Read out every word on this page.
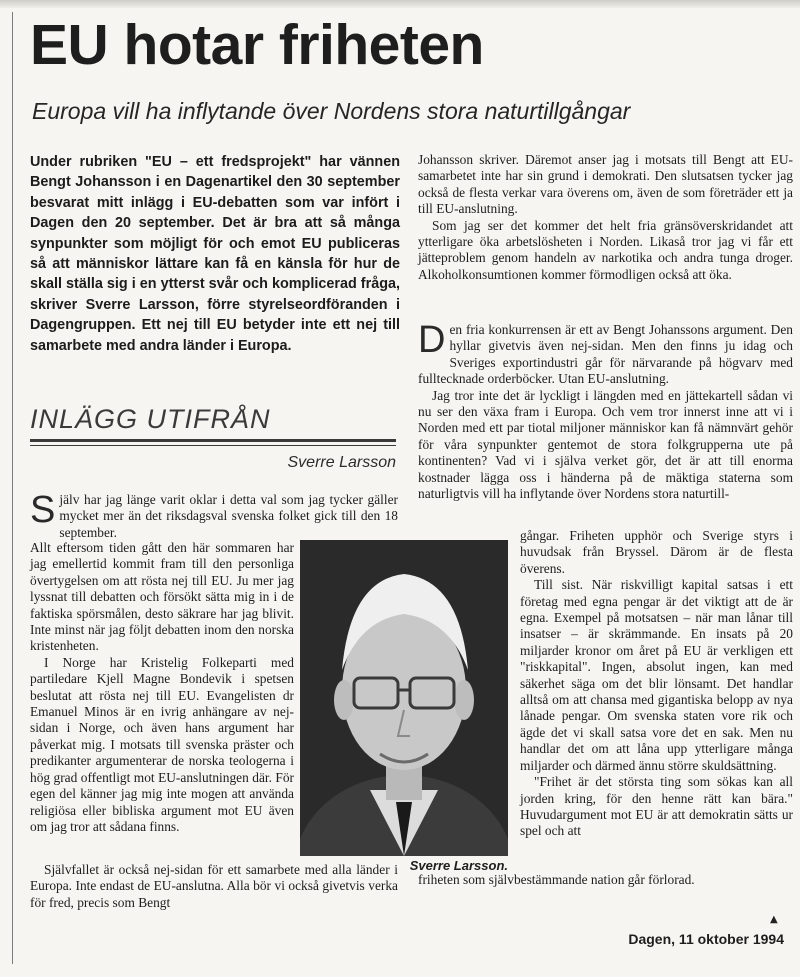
EU hotar friheten
Europa vill ha inflytande över Nordens stora naturtillgångar
Under rubriken "EU – ett fredsprojekt" har vännen Bengt Johansson i en Dagenartikel den 30 september besvarat mitt inlägg i EU-debatten som var infört i Dagen den 20 september. Det är bra att så många synpunkter som möjligt för och emot EU publiceras så att människor lättare kan få en känsla för hur de skall ställa sig i en ytterst svår och komplicerad fråga, skriver Sverre Larsson, förre styrelseordföranden i Dagengruppen. Ett nej till EU betyder inte ett nej till samarbete med andra länder i Europa.
INLÄGG UTIFRÅN
Sverre Larsson

Själv har jag länge varit oklar i detta val som jag tycker gäller mycket mer än det riksdagsval svenska folket gick till den 18 september.

Allt eftersom tiden gått den här sommaren har jag emellertid kommit fram till den personliga övertygelsen om att rösta nej till EU. Ju mer jag lyssnat till debatten och försökt sätta mig in i de faktiska spörsmålen, desto säkrare har jag blivit. Inte minst när jag följt debatten inom den norska kristenheten.

I Norge har Kristelig Folkeparti med partiledare Kjell Magne Bondevik i spetsen beslutat att rösta nej till EU. Evangelisten dr Emanuel Minos är en ivrig anhängare av nej-sidan i Norge, och även hans argument har påverkat mig. I motsats till svenska präster och predikanter argumenterar de norska teologerna i hög grad offentligt mot EU-anslutningen där. För egen del känner jag mig inte mogen att använda religiösa eller bibliska argument mot EU även om jag tror att sådana finns.

Självfallet är också nej-sidan för ett samarbete med alla länder i Europa. Inte endast de EU-anslutna. Alla bör vi också givetvis verka för fred, precis som Bengt

Sverre Larsson.

Johansson skriver. Däremot anser jag i motsats till Bengt att EU-samarbetet inte har sin grund i demokrati. Den slutsatsen tycker jag också de flesta verkar vara överens om, även de som företräder ett ja till EU-anslutning.

Som jag ser det kommer det helt fria gränsöverskridandet att ytterligare öka arbetslösheten i Norden. Likaså tror jag vi får ett jätteproblem genom handeln av narkotika och andra tunga droger. Alkoholkonsumtionen kommer förmodligen också att öka.

Den fria konkurrensen är ett av Bengt Johanssons argument. Den hyllar givetvis även nej-sidan. Men den finns ju idag och Sveriges exportindustri går för närvarande på högvarv med fulltecknade orderböcker. Utan EU-anslutning.

Jag tror inte det är lyckligt i längden med en jättekartell sådan vi nu ser den växa fram i Europa. Och vem tror innerst inne att vi i Norden med ett par tiotal miljoner människor kan få nämnvärt gehör för våra synpunkter gentemot de stora folkgrupperna ute på kontinenten? Vad vi i själva verket gör, det är att till enorma kostnader lägga oss i händerna på de mäktiga staterna som naturligtvis vill ha inflytande över Nordens stora naturtill-

gångar. Friheten upphör och Sverige styrs i huvudsak från Bryssel. Därom är de flesta överens.

Till sist. När riskvilligt kapital satsas i ett företag med egna pengar är det viktigt att de är egna. Exempel på motsatsen – när man lånar till insatser – är skrämmande. En insats på 20 miljarder kronor om året på EU är verkligen ett "riskkapital". Ingen, absolut ingen, kan med säkerhet säga om det blir lönsamt. Det handlar alltså om att chansa med gigantiska belopp av nya lånade pengar. Om svenska staten vore rik och ägde det vi skall satsa vore det en sak. Men nu handlar det om att låna upp ytterligare många miljarder och därmed ännu större skuldsättning.

"Frihet är det största ting som sökas kan all jorden kring, för den henne rätt kan bära." Huvudargument mot EU är att demokratin sätts ur spel och att

friheten som självbestämmande nation går förlorad.

▲
Dagen, 11 oktober 1994
